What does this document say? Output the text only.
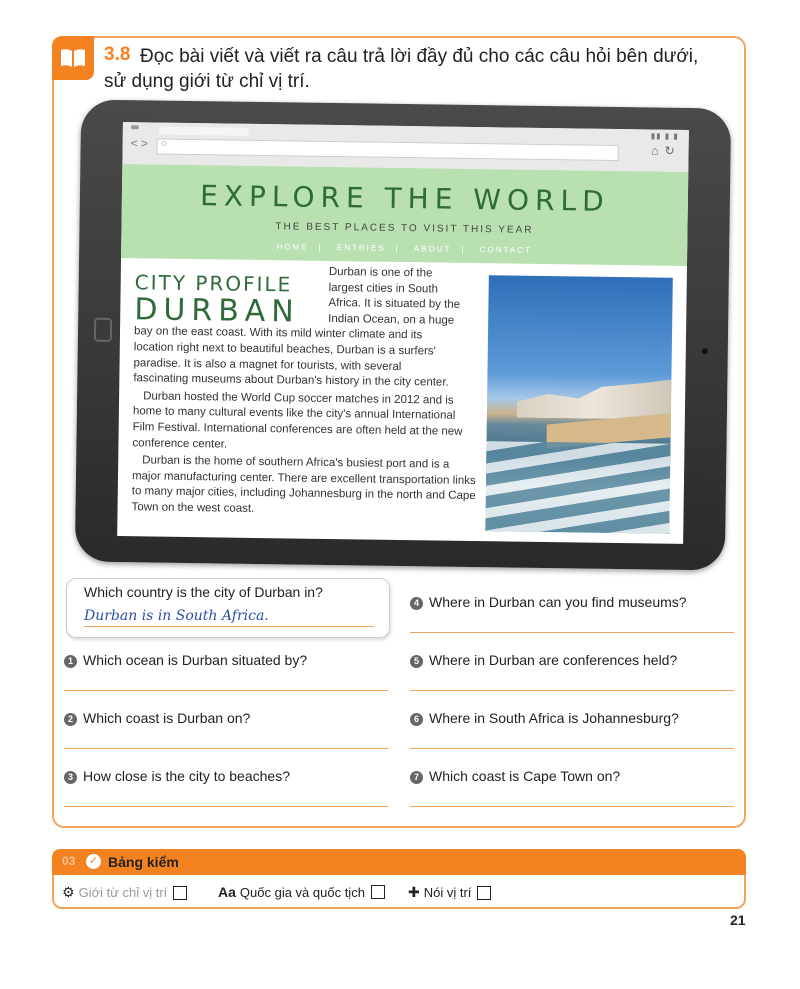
3.8 Đọc bài viết và viết ra câu trả lời đầy đủ cho các câu hỏi bên dưới,
sử dụng giới từ chỉ vị trí.
▮▮ ▮ ▮
< > ○	⌂ ↻
EXPLORE THE WORLD
THE BEST PLACES TO VISIT THIS YEAR
HOME | ENTRIES | ABOUT | CONTACT
Durban is one of the
largest cities in South
Africa. It is situated by the
Indian Ocean, on a huge
bay on the east coast. With its mild winter climate and its
location right next to beautiful beaches, Durban is a surfers'
paradise. It is also a magnet for tourists, with several
fascinating museums about Durban's history in the city center.
Durban hosted the World Cup soccer matches in 2012 and is home to many cultural events like the city's annual International Film Festival. International conferences are often held at the new conference center.
Durban is the home of southern Africa's busiest port and is a major manufacturing center. There are excellent transportation links to many major cities, including Johannesburg in the north and Cape Town on the west coast.
CITY PROFILE
DURBAN
Which country is the city of Durban in?
Durban is in South Africa.
1 Which ocean is Durban situated by?
2 Which coast is Durban on?
3 How close is the city to beaches?
4 Where in Durban can you find museums?
5 Where in Durban are conferences held?
6 Where in South Africa is Johannesburg?
7 Which coast is Cape Town on?
03 ✓ Bảng kiểm
⚙ Giới từ chỉ vị trí	Aa Quốc gia và quốc tịch	✚ Nói vị trí
21
